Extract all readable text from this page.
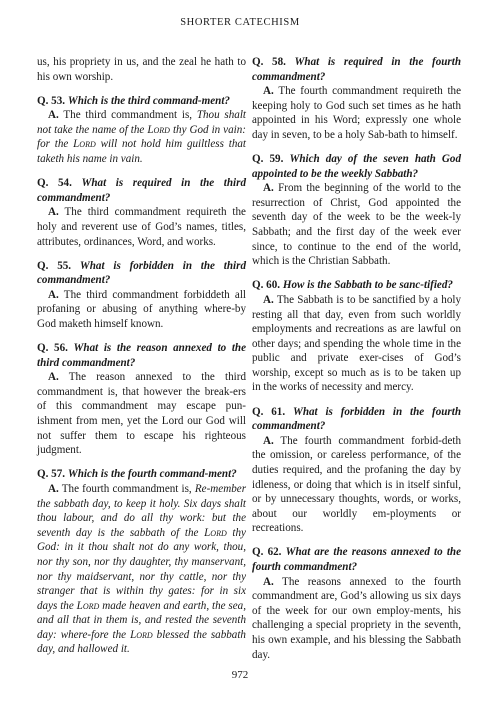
SHORTER CATECHISM

us, his propriety in us, and the zeal he hath to his own worship.

Q. 53. Which is the third command-ment?

A. The third commandment is, Thou shalt not take the name of the Lord thy God in vain: for the Lord will not hold him guiltless that taketh his name in vain.

Q. 54. What is required in the third commandment?

A. The third commandment requireth the holy and reverent use of God’s names, titles, attributes, ordinances, Word, and works.

Q. 55. What is forbidden in the third commandment?

A. The third commandment forbiddeth all profaning or abusing of anything where-by God maketh himself known.

Q. 56. What is the reason annexed to the third commandment?

A. The reason annexed to the third commandment is, that however the break-ers of this commandment may escape pun-ishment from men, yet the Lord our God will not suffer them to escape his righteous judgment.

Q. 57. Which is the fourth command-ment?

A. The fourth commandment is, Re-member the sabbath day, to keep it holy. Six days shalt thou labour, and do all thy work: but the seventh day is the sabbath of the Lord thy God: in it thou shalt not do any work, thou, nor thy son, nor thy daughter, thy manservant, nor thy maidservant, nor thy cattle, nor thy stranger that is within thy gates: for in six days the Lord made heaven and earth, the sea, and all that in them is, and rested the seventh day: where-fore the Lord blessed the sabbath day, and hallowed it.

Q. 58. What is required in the fourth commandment?

A. The fourth commandment requireth the keeping holy to God such set times as he hath appointed in his Word; expressly one whole day in seven, to be a holy Sab-bath to himself.

Q. 59. Which day of the seven hath God appointed to be the weekly Sabbath?

A. From the beginning of the world to the resurrection of Christ, God appointed the seventh day of the week to be the week-ly Sabbath; and the first day of the week ever since, to continue to the end of the world, which is the Christian Sabbath.

Q. 60. How is the Sabbath to be sanc-tified?

A. The Sabbath is to be sanctified by a holy resting all that day, even from such worldly employments and recreations as are lawful on other days; and spending the whole time in the public and private exer-cises of God’s worship, except so much as is to be taken up in the works of necessity and mercy.

Q. 61. What is forbidden in the fourth commandment?

A. The fourth commandment forbid-deth the omission, or careless performance, of the duties required, and the profaning the day by idleness, or doing that which is in itself sinful, or by unnecessary thoughts, words, or works, about our worldly em-ployments or recreations.

Q. 62. What are the reasons annexed to the fourth commandment?

A. The reasons annexed to the fourth commandment are, God’s allowing us six days of the week for our own employ-ments, his challenging a special propriety in the seventh, his own example, and his blessing the Sabbath day.

972
